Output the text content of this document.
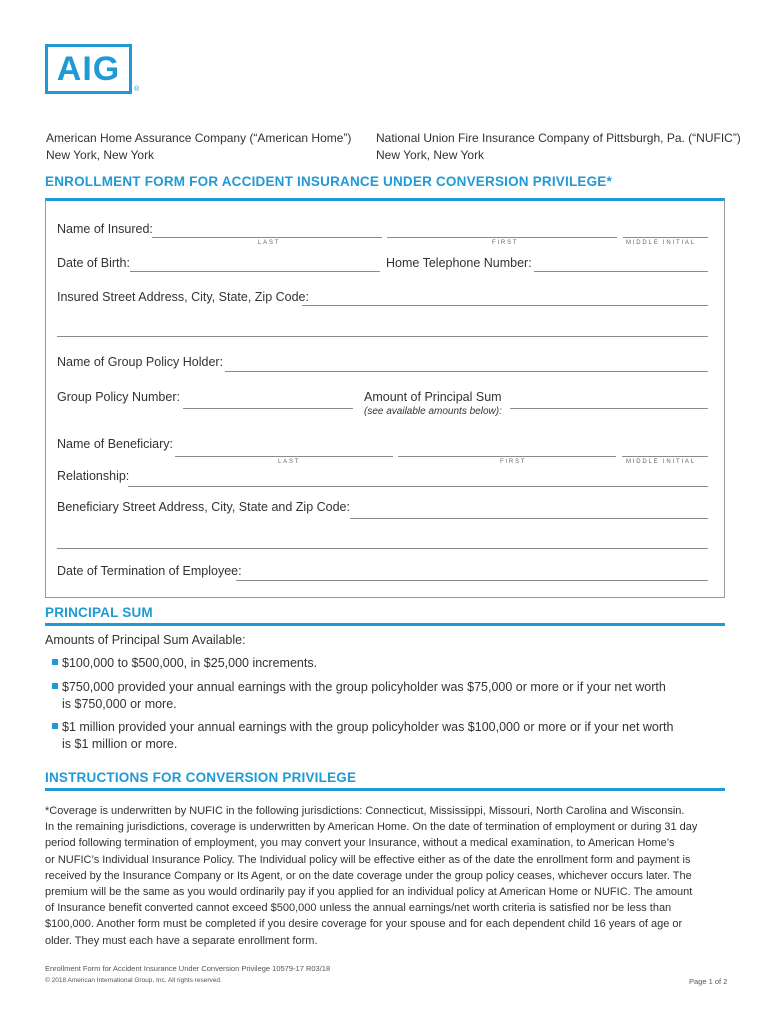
AIG
®
American Home Assurance Company (“American Home”)
New York, New York
National Union Fire Insurance Company of Pittsburgh, Pa. (“NUFIC”)
New York, New York
ENROLLMENT FORM FOR ACCIDENT INSURANCE UNDER CONVERSION PRIVILEGE*
Name of Insured:
LAST	FIRST	MIDDLE INITIAL
Date of Birth:	Home Telephone Number:
Insured Street Address, City, State, Zip Code:
Name of Group Policy Holder:
Group Policy Number:	Amount of Principal Sum
(see available amounts below):
Name of Beneficiary:
LAST	FIRST	MIDDLE INITIAL
Relationship:
Beneficiary Street Address, City, State and Zip Code:
Date of Termination of Employee:
PRINCIPAL SUM
Amounts of Principal Sum Available:
$100,000 to $500,000, in $25,000 increments.
$750,000 provided your annual earnings with the group policyholder was $75,000 or more or if your net worth
is $750,000 or more.
$1 million provided your annual earnings with the group policyholder was $100,000 or more or if your net worth
is $1 million or more.
INSTRUCTIONS FOR CONVERSION PRIVILEGE
*Coverage is underwritten by NUFIC in the following jurisdictions: Connecticut, Mississippi, Missouri, North Carolina and Wisconsin.
In the remaining jurisdictions, coverage is underwritten by American Home. On the date of termination of employment or during 31 day
period following termination of employment, you may convert your Insurance, without a medical examination, to American Home’s
or NUFIC’s Individual Insurance Policy. The Individual policy will be effective either as of the date the enrollment form and payment is
received by the Insurance Company or Its Agent, or on the date coverage under the group policy ceases, whichever occurs later. The
premium will be the same as you would ordinarily pay if you applied for an individual policy at American Home or NUFIC. The amount
of Insurance benefit converted cannot exceed $500,000 unless the annual earnings/net worth criteria is satisfied nor be less than
$100,000. Another form must be completed if you desire coverage for your spouse and for each dependent child 16 years of age or
older. They must each have a separate enrollment form.
Enrollment Form for Accident Insurance Under Conversion Privilege 10579-17 R03/18
© 2018 American International Group, Inc. All rights reserved.	Page 1 of 2
